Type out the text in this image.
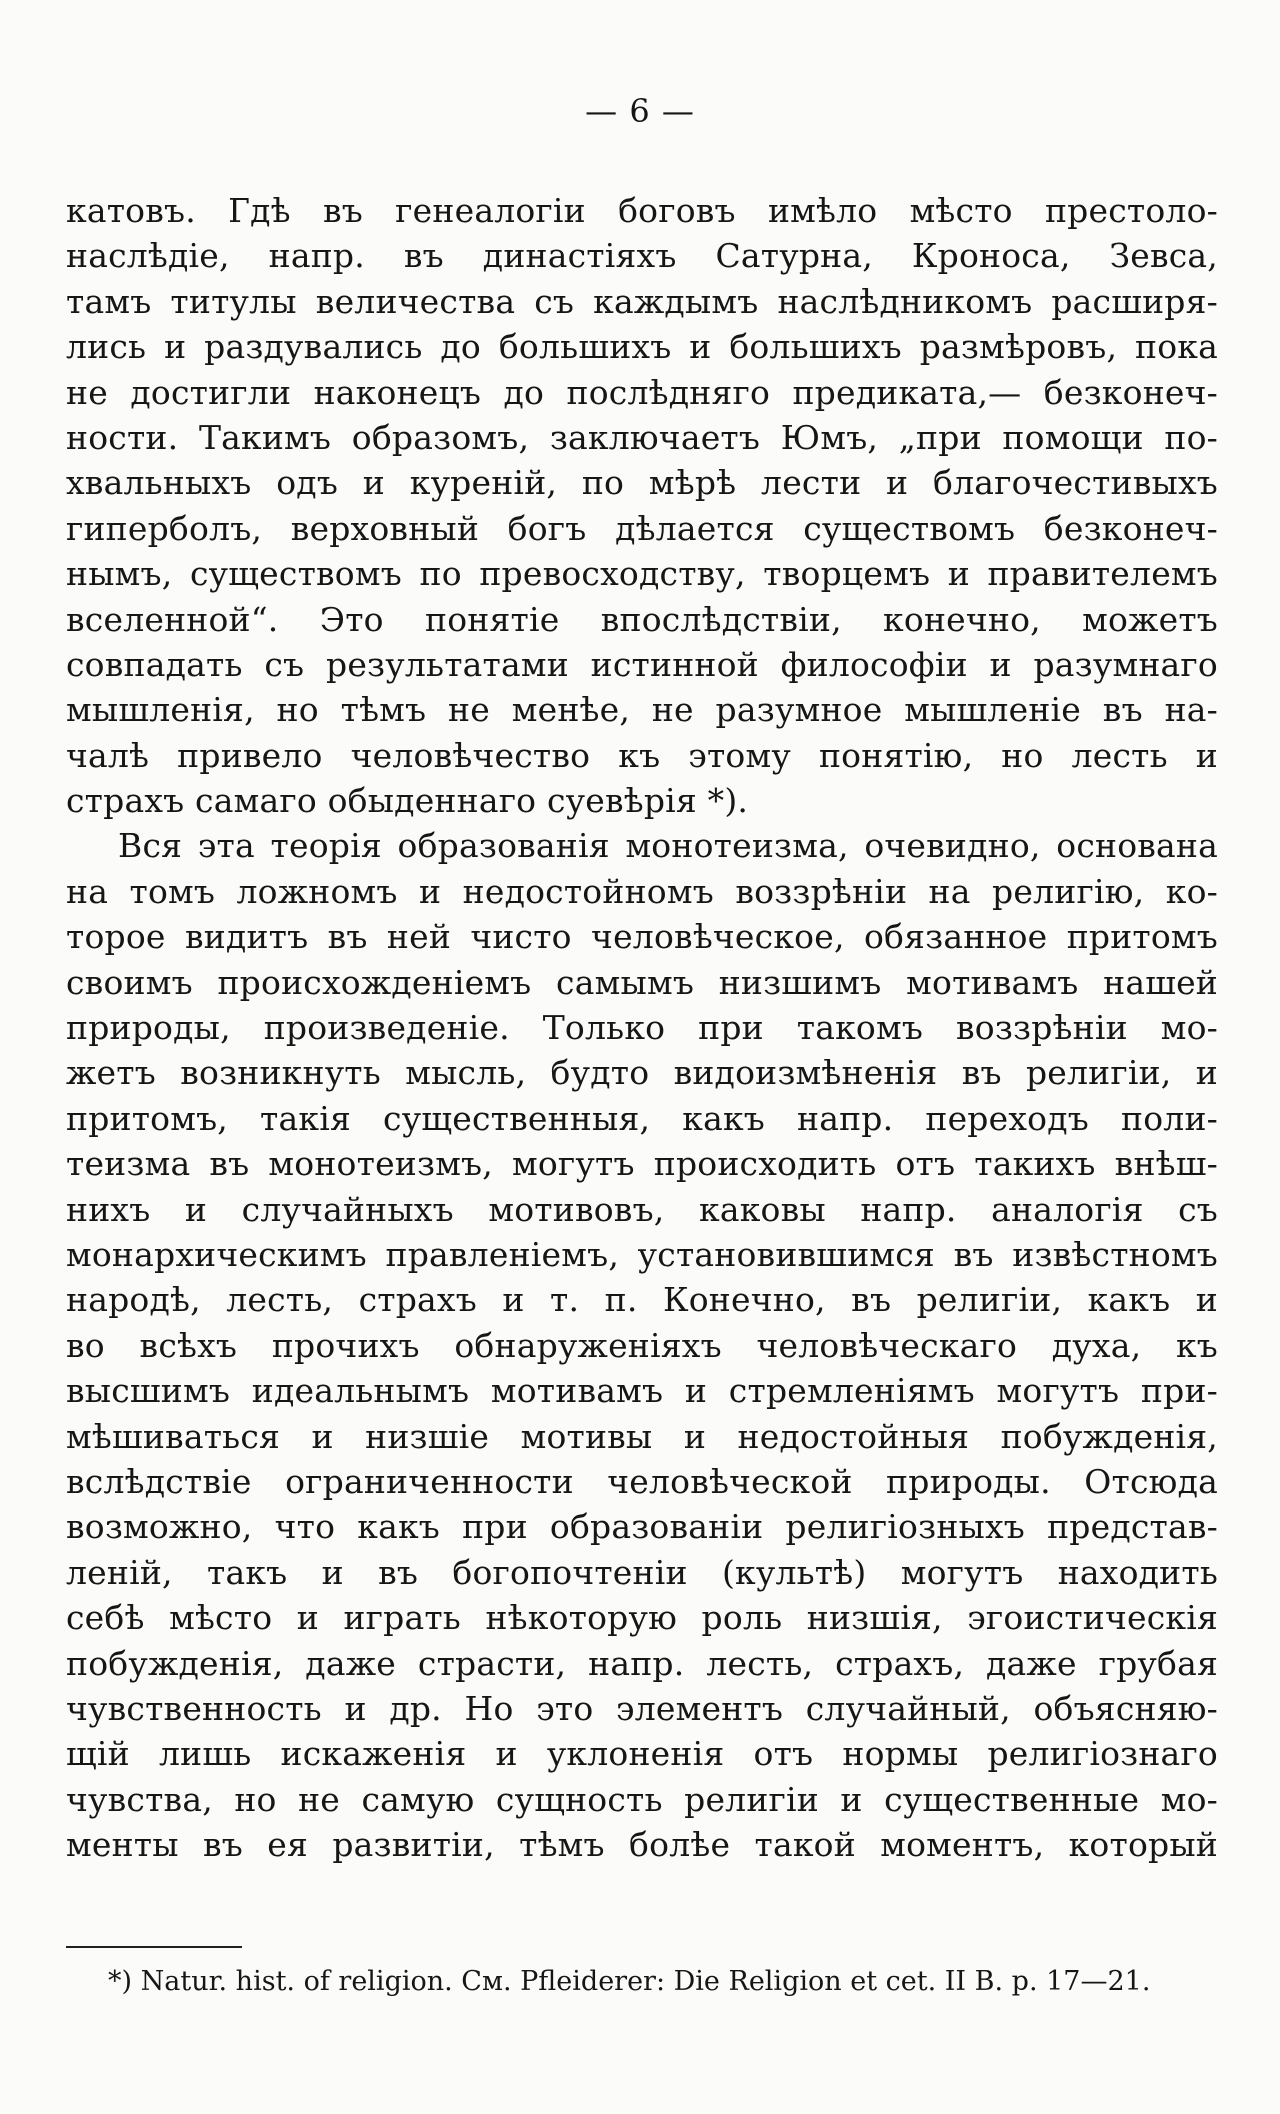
— 6 —
катовъ. Гдѣ въ генеалогіи боговъ имѣло мѣсто престоло-
наслѣдіе, напр. въ династіяхъ Сатурна, Кроноса, Зевса,
тамъ титулы величества съ каждымъ наслѣдникомъ расширя-
лись и раздувались до большихъ и большихъ размѣровъ, пока
не достигли наконецъ до послѣдняго предиката,— безконеч-
ности. Такимъ образомъ, заключаетъ Юмъ, „при помощи по-
хвальныхъ одъ и куреній, по мѣрѣ лести и благочестивыхъ
гиперболъ, верховный богъ дѣлается существомъ безконеч-
нымъ, существомъ по превосходству, творцемъ и правителемъ
вселенной“. Это понятіе впослѣдствіи, конечно, можетъ
совпадать съ результатами истинной философіи и разумнаго
мышленія, но тѣмъ не менѣе, не разумное мышленіе въ на-
чалѣ привело человѣчество къ этому понятію, но лесть и
страхъ самаго обыденнаго суевѣрія *).
Вся эта теорія образованія монотеизма, очевидно, основана
на томъ ложномъ и недостойномъ воззрѣніи на религію, ко-
торое видитъ въ ней чисто человѣческое, обязанное притомъ
своимъ происхожденіемъ самымъ низшимъ мотивамъ нашей
природы, произведеніе. Только при такомъ воззрѣніи мо-
жетъ возникнуть мысль, будто видоизмѣненія въ религіи, и
притомъ, такія существенныя, какъ напр. переходъ поли-
теизма въ монотеизмъ, могутъ происходить отъ такихъ внѣш-
нихъ и случайныхъ мотивовъ, каковы напр. аналогія съ
монархическимъ правленіемъ, установившимся въ извѣстномъ
народѣ, лесть, страхъ и т. п. Конечно, въ религіи, какъ и
во всѣхъ прочихъ обнаруженіяхъ человѣческаго духа, къ
высшимъ идеальнымъ мотивамъ и стремленіямъ могутъ при-
мѣшиваться и низшіе мотивы и недостойныя побужденія,
вслѣдствіе ограниченности человѣческой природы. Отсюда
возможно, что какъ при образованіи религіозныхъ представ-
леній, такъ и въ богопочтеніи (культѣ) могутъ находить
себѣ мѣсто и играть нѣкоторую роль низшія, эгоистическія
побужденія, даже страсти, напр. лесть, страхъ, даже грубая
чувственность и др. Но это элементъ случайный, объясняю-
щій лишь искаженія и уклоненія отъ нормы религіознаго
чувства, но не самую сущность религіи и существенные мо-
менты въ ея развитіи, тѣмъ болѣе такой моментъ, который
*) Natur. hist. of religion. См. Pfleiderer: Die Religion et cet. II B. p. 17—21.
